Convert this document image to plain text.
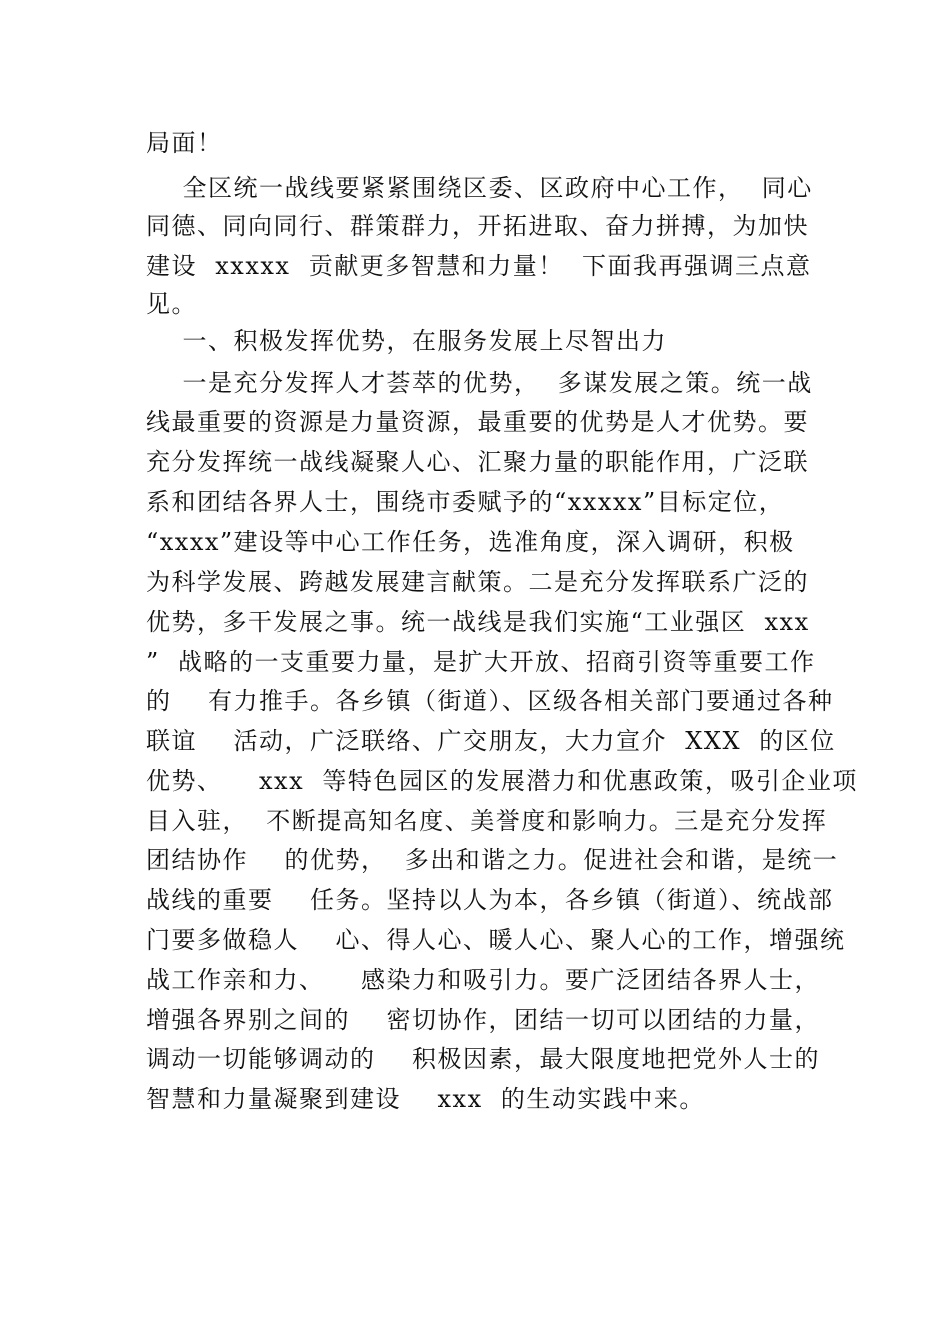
局面！
全区统一战线要紧紧围绕区委、区政府中心工作，  同心
同德、同向同行、群策群力，开拓进取、奋力拼搏，为加快
建设  xxxxx  贡献更多智慧和力量！  下面我再强调三点意
见。
一、积极发挥优势，在服务发展上尽智出力
一是充分发挥人才荟萃的优势，  多谋发展之策。统一战
线最重要的资源是力量资源，最重要的优势是人才优势。要
充分发挥统一战线凝聚人心、汇聚力量的职能作用，广泛联
系和团结各界人士，围绕市委赋予的“xxxxx”目标定位，
“xxxx”建设等中心工作任务，选准角度，深入调研，积极
为科学发展、跨越发展建言献策。二是充分发挥联系广泛的
优势，多干发展之事。统一战线是我们实施“工业强区  xxx
”  战略的一支重要力量，是扩大开放、招商引资等重要工作
的    有力推手。各乡镇（街道）、区级各相关部门要通过各种
联谊    活动，广泛联络、广交朋友，大力宣介  XXX  的区位
优势、    xxx  等特色园区的发展潜力和优惠政策，吸引企业项
目入驻，  不断提高知名度、美誉度和影响力。三是充分发挥
团结协作    的优势，  多出和谐之力。促进社会和谐，是统一
战线的重要    任务。坚持以人为本，各乡镇（街道）、统战部
门要多做稳人    心、得人心、暖人心、聚人心的工作，增强统
战工作亲和力、    感染力和吸引力。要广泛团结各界人士，
增强各界别之间的    密切协作，团结一切可以团结的力量，
调动一切能够调动的    积极因素，最大限度地把党外人士的
智慧和力量凝聚到建设    xxx  的生动实践中来。
